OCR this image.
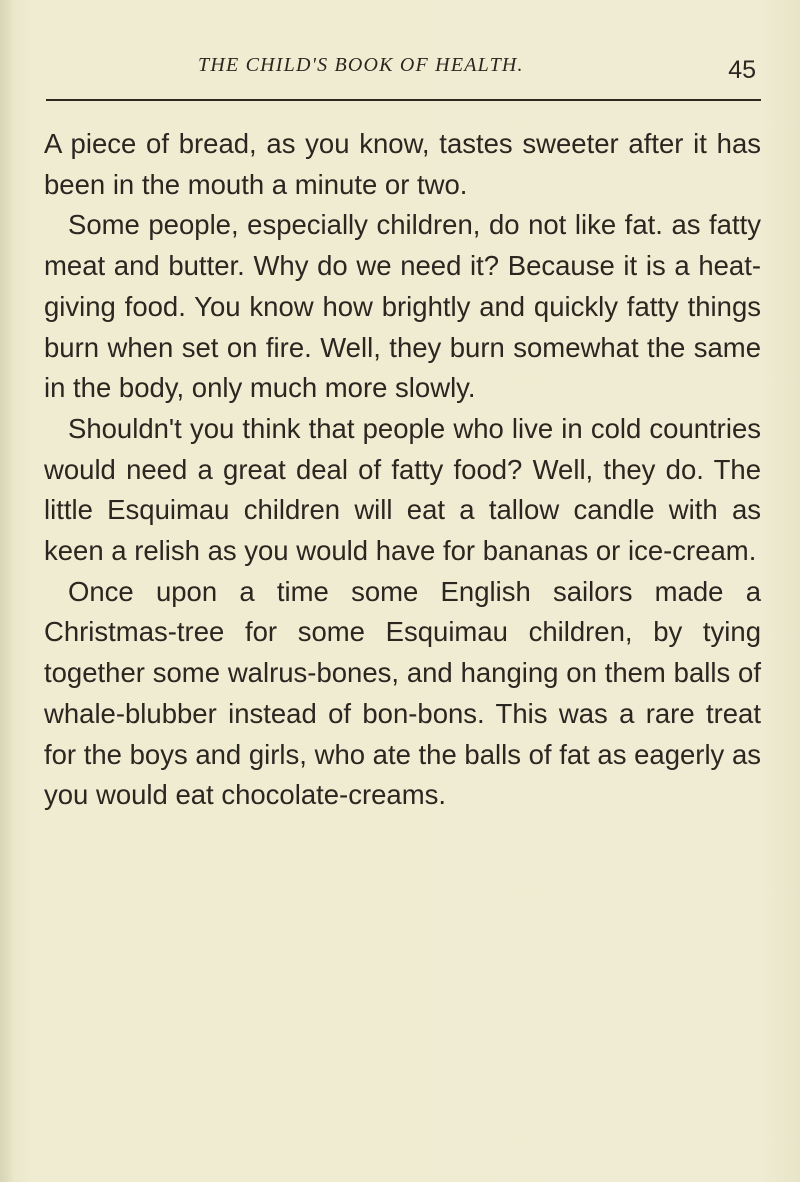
THE CHILD'S BOOK OF HEALTH.	45

A piece of bread, as you know, tastes sweeter after it has been in the mouth a minute or two.

Some people, especially children, do not like fat. as fatty meat and butter. Why do we need it? Because it is a heat-giving food. You know how brightly and quickly fatty things burn when set on fire. Well, they burn somewhat the same in the body, only much more slowly.

Shouldn't you think that people who live in cold countries would need a great deal of fatty food? Well, they do. The little Esquimau children will eat a tallow candle with as keen a relish as you would have for bananas or ice-cream.

Once upon a time some English sailors made a Christmas-tree for some Esquimau children, by tying together some walrus-bones, and hanging on them balls of whale-blubber instead of bon-bons. This was a rare treat for the boys and girls, who ate the balls of fat as eagerly as you would eat chocolate-creams.
